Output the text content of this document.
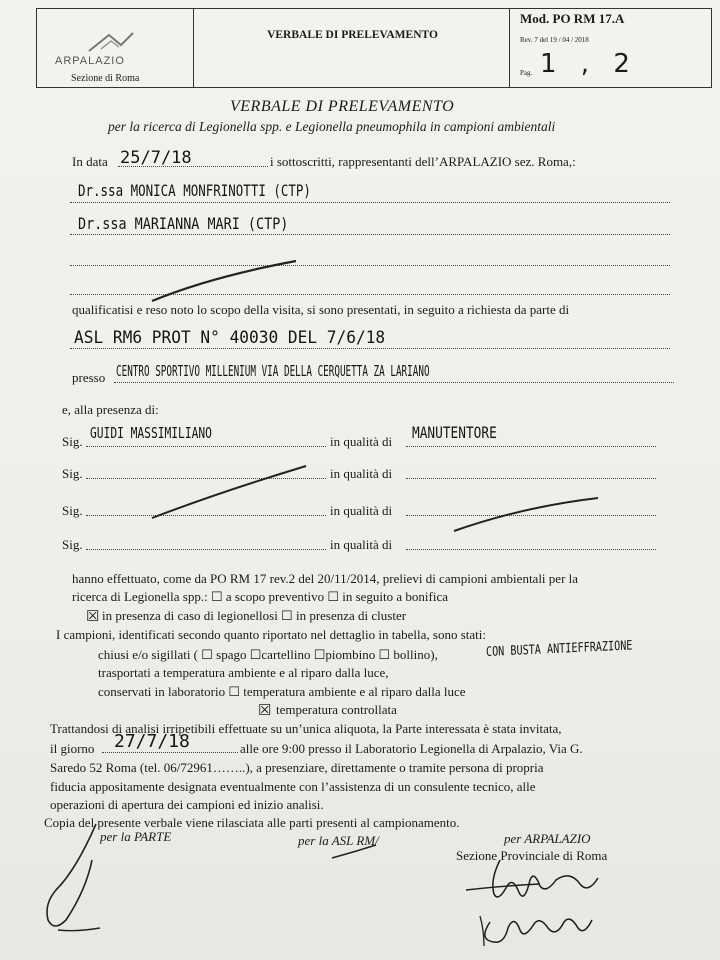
ARPALAZIO
Sezione di Roma
VERBALE DI PRELEVAMENTO
Mod. PO RM 17.A
Rev. 7 del 19 / 04 / 2018
Pag. 1 , 2
VERBALE DI PRELEVAMENTO
per la ricerca di Legionella spp. e Legionella pneumophila in campioni ambientali
In data 25/7/18	i sottoscritti, rappresentanti dell’ARPALAZIO sez. Roma,:
Dr.ssa MONICA MONFRINOTTI (CTP)
Dr.ssa MARIANNA MARI (CTP)
qualificatisi e reso noto lo scopo della visita, si sono presentati, in seguito a richiesta da parte di
ASL RM6 PROT N° 40030 DEL 7/6/18
presso CENTRO SPORTIVO MILLENIUM VIA DELLA CERQUETTA ZA LARIANO
e, alla presenza di:
Sig. GUIDI MASSIMILIANO	in qualità di MANUTENTORE
Sig.	in qualità di
Sig.	in qualità di
Sig.	in qualità di
hanno effettuato, come da PO RM 17 rev.2 del 20/11/2014, prelievi di campioni ambientali per la
ricerca di Legionella spp.: ☐ a scopo preventivo ☐ in seguito a bonifica
☒ in presenza di caso di legionellosi ☐ in presenza di cluster
I campioni, identificati secondo quanto riportato nel dettaglio in tabella, sono stati:
chiusi e/o sigillati ( ☐ spago ☐cartellino ☐piombino ☐ bollino),	CON BUSTA ANTIEFFRAZIONE
trasportati a temperatura ambiente e al riparo dalla luce,
conservati in laboratorio ☐ temperatura ambiente e al riparo dalla luce
☒ temperatura controllata
Trattandosi di analisi irripetibili effettuate su un’unica aliquota, la Parte interessata è stata invitata,
il giorno 27/7/18	alle ore 9:00 presso il Laboratorio Legionella di Arpalazio, Via G.
Saredo 52 Roma (tel. 06/72961……..), a presenziare, direttamente o tramite persona di propria
fiducia appositamente designata eventualmente con l’assistenza di un consulente tecnico, alle
operazioni di apertura dei campioni ed inizio analisi.
Copia del presente verbale viene rilasciata alle parti presenti al campionamento.
per la PARTE	per la ASL RM/	per ARPALAZIO
Sezione Provinciale di Roma
